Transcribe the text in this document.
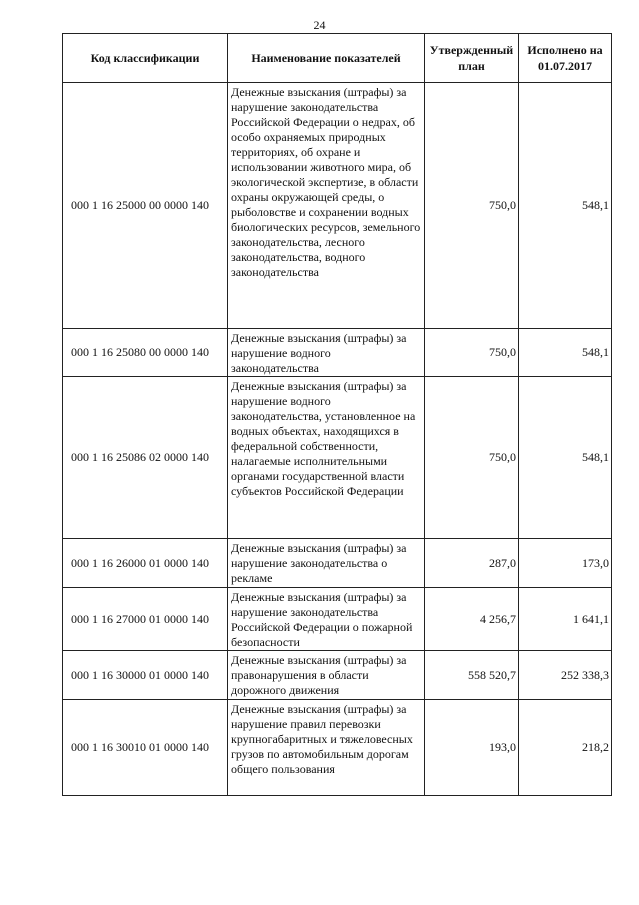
24
Код классификации	Наименование показателей	Утвержденный план	Исполнено на 01.07.2017
000 1 16 25000 00 0000 140	Денежные взыскания (штрафы) за нарушение законодательства Российской Федерации о недрах, об особо охраняемых природных территориях, об охране и использовании животного мира, об экологической экспертизе, в области охраны окружающей среды, о рыболовстве и сохранении водных биологических ресурсов, земельного законодательства, лесного законодательства, водного законодательства	750,0	548,1
000 1 16 25080 00 0000 140	Денежные взыскания (штрафы) за нарушение водного законодательства	750,0	548,1
000 1 16 25086 02 0000 140	Денежные взыскания (штрафы) за нарушение водного законодательства, установленное на водных объектах, находящихся в федеральной собственности, налагаемые исполнительными органами государственной власти субъектов Российской Федерации	750,0	548,1
000 1 16 26000 01 0000 140	Денежные взыскания (штрафы) за нарушение законодательства о рекламе	287,0	173,0
000 1 16 27000 01 0000 140	Денежные взыскания (штрафы) за нарушение законодательства Российской Федерации о пожарной безопасности	4 256,7	1 641,1
000 1 16 30000 01 0000 140	Денежные взыскания (штрафы) за правонарушения в области дорожного движения	558 520,7	252 338,3
000 1 16 30010 01 0000 140	Денежные взыскания (штрафы) за нарушение правил перевозки крупногабаритных и тяжеловесных грузов по автомобильным дорогам общего пользования	193,0	218,2
